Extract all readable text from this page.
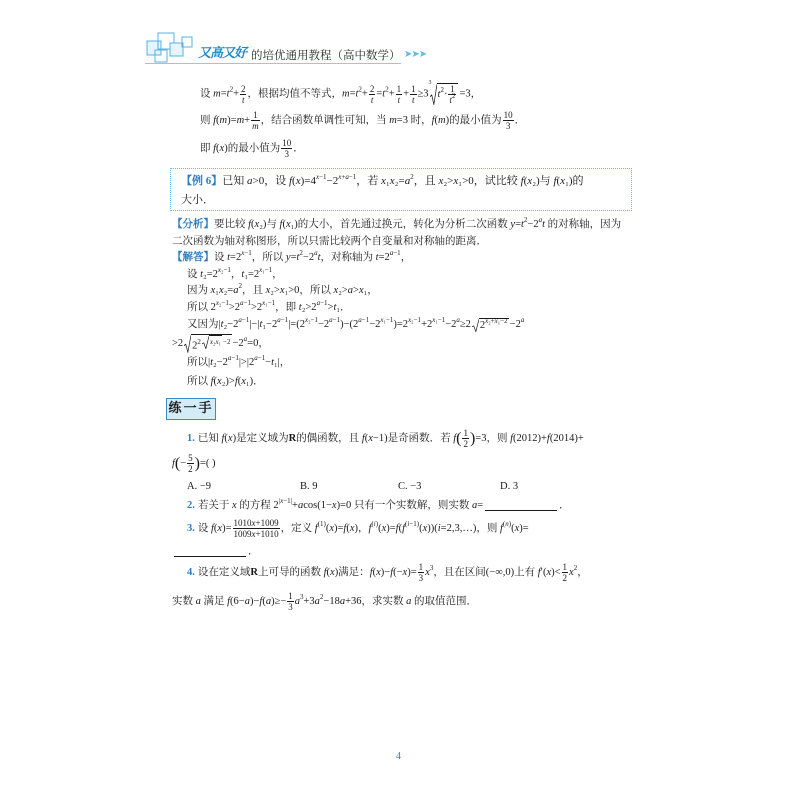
又高又好 的培优通用教程（高中数学） ➤➤➤
设 $m=t^2+ \frac{2}{t}$ ，根据均值不等式，$m=t^2+ \frac{2}{t} =t^2+ \frac{1}{t} + \frac{1}{t} \ge 3$
3
$t^2\cdot \frac{1}{t^2} =3$，
则 $f(m)=m+ \frac{1}{m}$ ，结合函数单调性可知，当 m=3 时，f(m)的最小值为 $\frac{10}{3}$ ．
即 f(x)的最小值为 $\frac{10}{3}$ ．
【例 6】已知 a>0，设 $f(x)=4^{x-1}-2^{x+a-1}$，若 $x_1x_2=a^2$，且 x₂>x₁>0，试比较 f(x₂)与 f(x₁)的
大小．
【分析】要比较 f(x₂)与 f(x₁)的大小，首先通过换元，转化为分析二次函数 $y=t^2-2^at$ 的对称轴，因为
二次函数为轴对称图形，所以只需比较两个自变量和对称轴的距离．
【解答】设 $t=2^{x-1}$，所以 $y=t^2-2^at$，对称轴为 $t=2^{a-1}$，
设 $t_2=2^{x_2-1}$，$t_1=2^{x_1-1}$，
因为 $x_1x_2=a^2$，且 x₂>x₁>0，所以 x₂>a>x₁，
所以 $2^{x_2-1}>2^{a-1}>2^{x_1-1}$，即 $t_2>2^{a-1}>t_1$．
又因为$|t_2-2^{a-1}|-|t_1-2^{a-1}|=(2^{x_2-1}-2^{a-1})-(2^{a-1}-2^{x_1-1})=2^{x_2-1}+2^{x_1-1}-2^a\ge 2$ $2^{x_2+x_1-2} -2^a$
>2 $2^{2 x_2x_1 -2} -2^a=0$，
所以$|t_2-2^{a-1}|>|2^{a-1}-t_1|$，
所以 f(x₂)>f(x₁)．
练一手
1. 已知 f(x)是定义域为R的偶函数，且 f(x−1)是奇函数．若 $f( \frac{1}{2} )=3$，则 f(2012)+f(2014)+
$f(- \frac{5}{2}$ )=( )
A. −9	B. 9	C. −3	D. 3
2. 若关于 x 的方程 $2^{|x-1|}+acos(1-x)=0$ 只有一个实数解，则实数 a=	．
3. 设 $f(x)= \frac{1010x+1009}{1009x+1010}$ ，定义 $f^{(1)}(x)=f(x)$，$f^{(i)}(x)=f(f^{(i-1)}(x))(i=2,3,\dots)$，则 $f^{(n)}(x)=$
．
4. 设在定义域R上可导的函数 f(x)满足：$f(x)-f(-x)= \frac{1}{3} x^3$，且在区间(−∞,0)上有 $f'(x)< \frac{1}{2} x^2$，
实数 a 满足 $f(6-a)-f(a)\ge- \frac{1}{3} a^3+3a^2-18a+36$，求实数 a 的取值范围．
4
